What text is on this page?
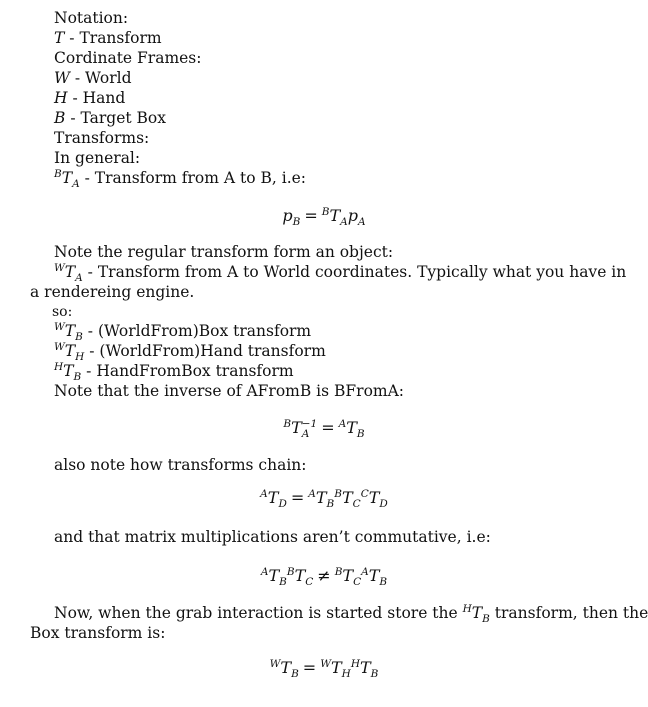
Notation:
T - Transform
Cordinate Frames:
W - World
H - Hand
B - Target Box
Transforms:
In general:
$^BT_A$ - Transform from A to B, i.e:
$p_B = ^BT_Ap_A$
Note the regular transform form an object:
$^WT_A$ - Transform from A to World coordinates. Typically what you have in
a rendereing engine.
so:
$^WT_B$ - (WorldFrom)Box transform
$^WT_H$ - (WorldFrom)Hand transform
$^HT_B$ - HandFromBox transform
Note that the inverse of AFromB is BFromA:
$^B$T −1
$A = ^AT_B$
also note how transforms chain:
$^AT_D = ^AT_B^BT_C^CT_D$
and that matrix multiplications aren’t commutative, i.e:
$^AT_B^BT_C \ne ^BT_C^AT_B$
Now, when the grab interaction is started store the $^HT_B$ transform, then the
Box transform is:
$^WT_B = ^WT_H^HT_B$
